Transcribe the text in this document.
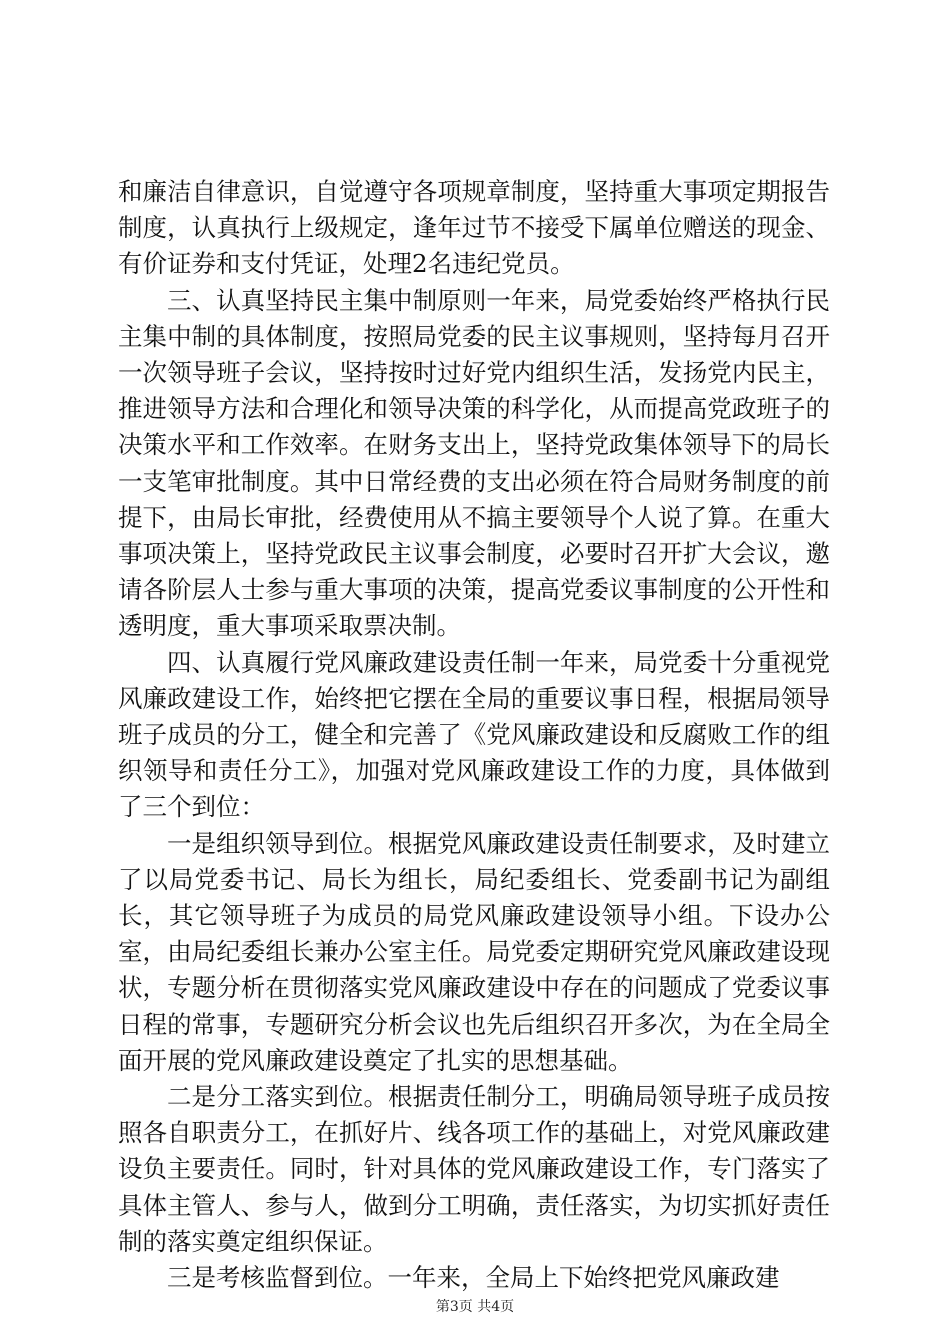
和廉洁自律意识，自觉遵守各项规章制度，坚持重大事项定期报告制度，认真执行上级规定，逢年过节不接受下属单位赠送的现金、有价证券和支付凭证，处理2名违纪党员。

三、认真坚持民主集中制原则一年来，局党委始终严格执行民主集中制的具体制度，按照局党委的民主议事规则，坚持每月召开一次领导班子会议，坚持按时过好党内组织生活，发扬党内民主，推进领导方法和合理化和领导决策的科学化，从而提高党政班子的决策水平和工作效率。在财务支出上，坚持党政集体领导下的局长一支笔审批制度。其中日常经费的支出必须在符合局财务制度的前提下，由局长审批，经费使用从不搞主要领导个人说了算。在重大事项决策上，坚持党政民主议事会制度，必要时召开扩大会议，邀请各阶层人士参与重大事项的决策，提高党委议事制度的公开性和透明度，重大事项采取票决制。

四、认真履行党风廉政建设责任制一年来，局党委十分重视党风廉政建设工作，始终把它摆在全局的重要议事日程，根据局领导班子成员的分工，健全和完善了《党风廉政建设和反腐败工作的组织领导和责任分工》，加强对党风廉政建设工作的力度，具体做到了三个到位：

一是组织领导到位。根据党风廉政建设责任制要求，及时建立了以局党委书记、局长为组长，局纪委组长、党委副书记为副组长，其它领导班子为成员的局党风廉政建设领导小组。下设办公室，由局纪委组长兼办公室主任。局党委定期研究党风廉政建设现状，专题分析在贯彻落实党风廉政建设中存在的问题成了党委议事日程的常事，专题研究分析会议也先后组织召开多次，为在全局全面开展的党风廉政建设奠定了扎实的思想基础。

二是分工落实到位。根据责任制分工，明确局领导班子成员按照各自职责分工，在抓好片、线各项工作的基础上，对党风廉政建设负主要责任。同时，针对具体的党风廉政建设工作，专门落实了具体主管人、参与人，做到分工明确，责任落实，为切实抓好责任制的落实奠定组织保证。

三是考核监督到位。一年来，全局上下始终把党风廉政建

第3页 共4页
